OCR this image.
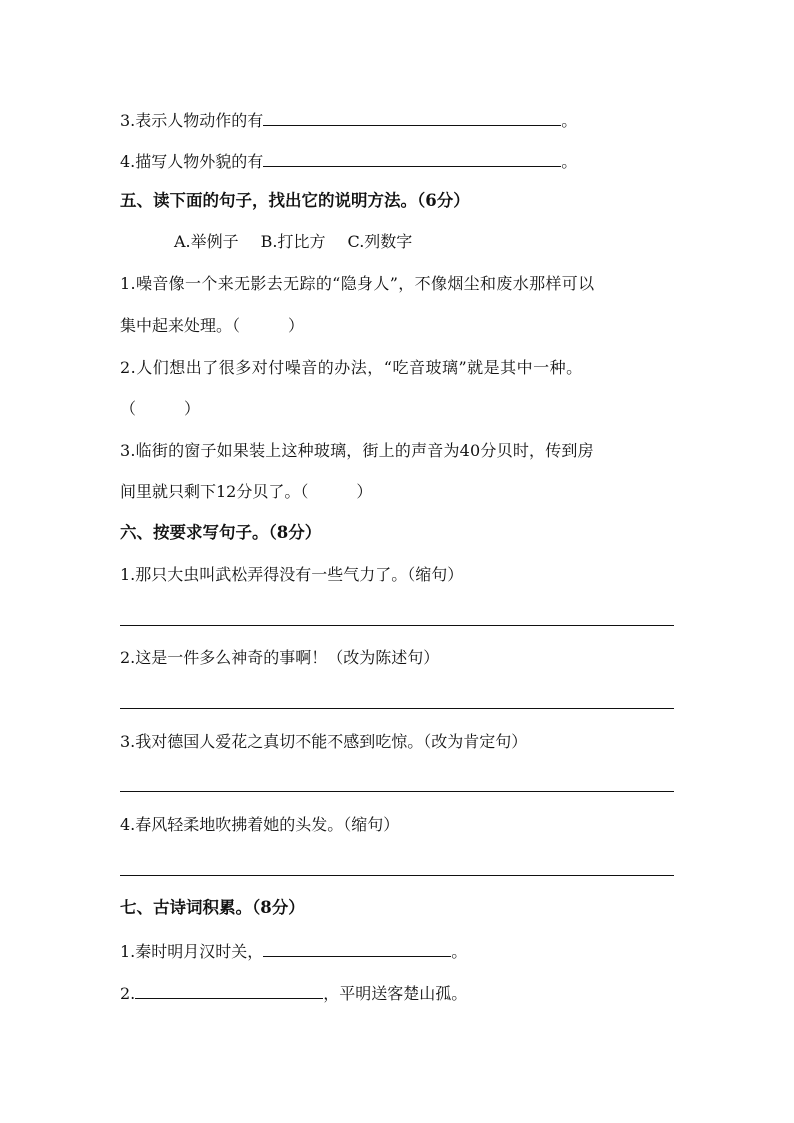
3.表示人物动作的有	。
4.描写人物外貌的有	。
五、读下面的句子，找出它的说明方法。（6分）
A.举例子 B.打比方 C.列数字
1.噪音像一个来无影去无踪的“隐身人”，不像烟尘和废水那样可以
集中起来处理。（　　　）
2.人们想出了很多对付噪音的办法，“吃音玻璃”就是其中一种。
（　　　）
3.临街的窗子如果装上这种玻璃，街上的声音为40分贝时，传到房
间里就只剩下12分贝了。（　　　）
六、按要求写句子。（8分）
1.那只大虫叫武松弄得没有一些气力了。（缩句）
2.这是一件多么神奇的事啊！（改为陈述句）
3.我对德国人爱花之真切不能不感到吃惊。（改为肯定句）
4.春风轻柔地吹拂着她的头发。（缩句）
七、古诗词积累。（8分）
1.秦时明月汉时关，	。
2.	，平明送客楚山孤。
